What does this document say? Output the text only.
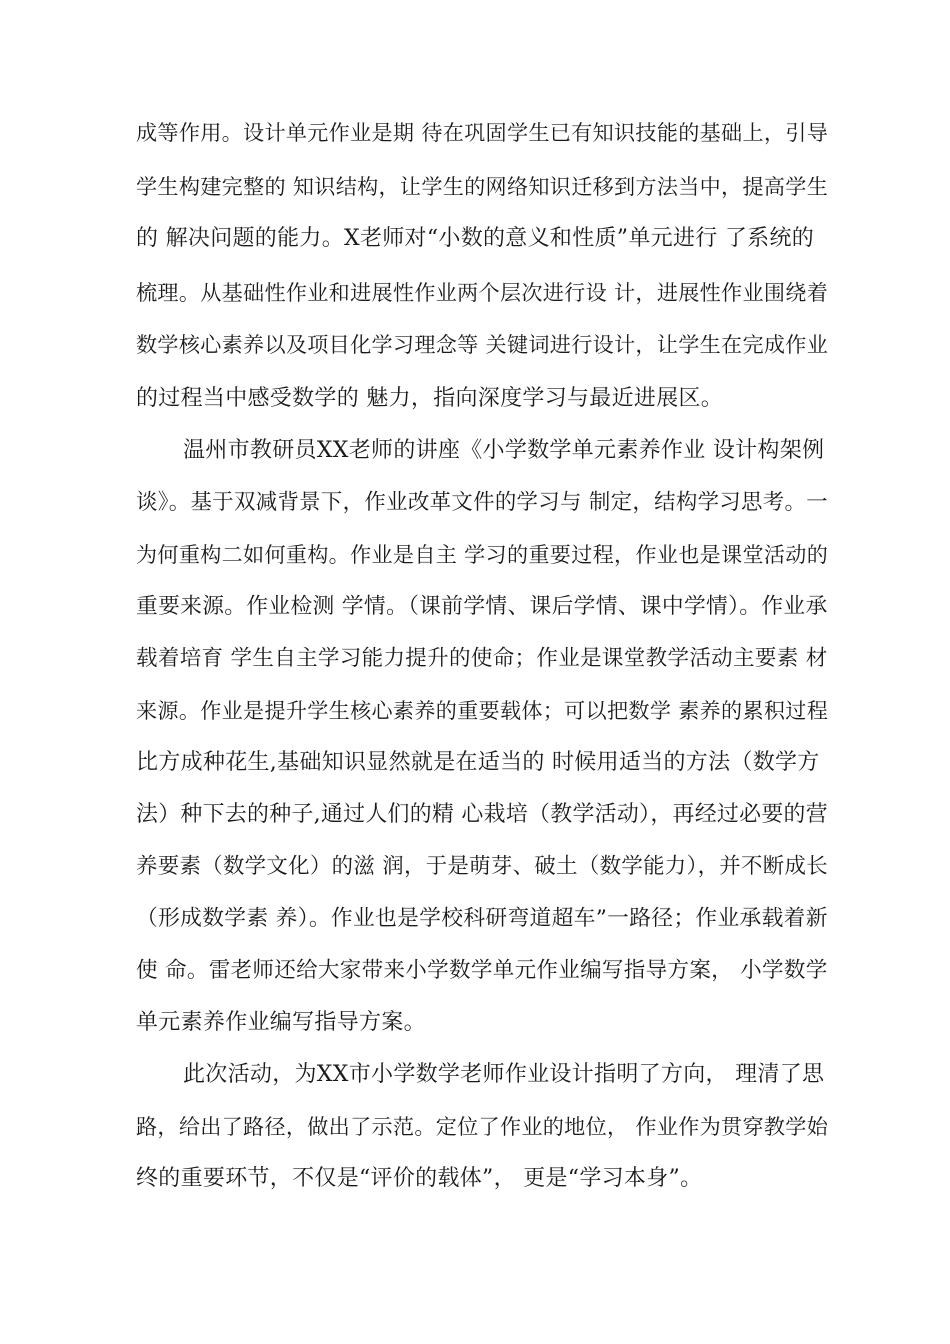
成等作用。设计单元作业是期 待在巩固学生已有知识技能的基础上，引导
学生构建完整的 知识结构，让学生的网络知识迁移到方法当中，提高学生
的 解决问题的能力。X老师对“小数的意义和性质”单元进行 了系统的
梳理。从基础性作业和进展性作业两个层次进行设 计，进展性作业围绕着
数学核心素养以及项目化学习理念等 关键词进行设计，让学生在完成作业
的过程当中感受数学的 魅力，指向深度学习与最近进展区。
温州市教研员XX老师的讲座《小学数学单元素养作业 设计构架例
谈》。基于双减背景下，作业改革文件的学习与 制定，结构学习思考。一
为何重构二如何重构。作业是自主 学习的重要过程，作业也是课堂活动的
重要来源。作业检测 学情。（课前学情、课后学情、课中学情）。作业承
载着培育 学生自主学习能力提升的使命；作业是课堂教学活动主要素 材
来源。作业是提升学生核心素养的重要载体；可以把数学 素养的累积过程
比方成种花生,基础知识显然就是在适当的 时候用适当的方法（数学方
法）种下去的种子,通过人们的精 心栽培（教学活动），再经过必要的营
养要素（数学文化）的滋 润，于是萌芽、破土（数学能力），并不断成长
（形成数学素 养）。作业也是学校科研弯道超车”一路径；作业承载着新
使 命。雷老师还给大家带来小学数学单元作业编写指导方案， 小学数学
单元素养作业编写指导方案。
此次活动，为XX市小学数学老师作业设计指明了方向， 理清了思
路，给出了路径，做出了示范。定位了作业的地位， 作业作为贯穿教学始
终的重要环节，不仅是“评价的载体”， 更是“学习本身”。
